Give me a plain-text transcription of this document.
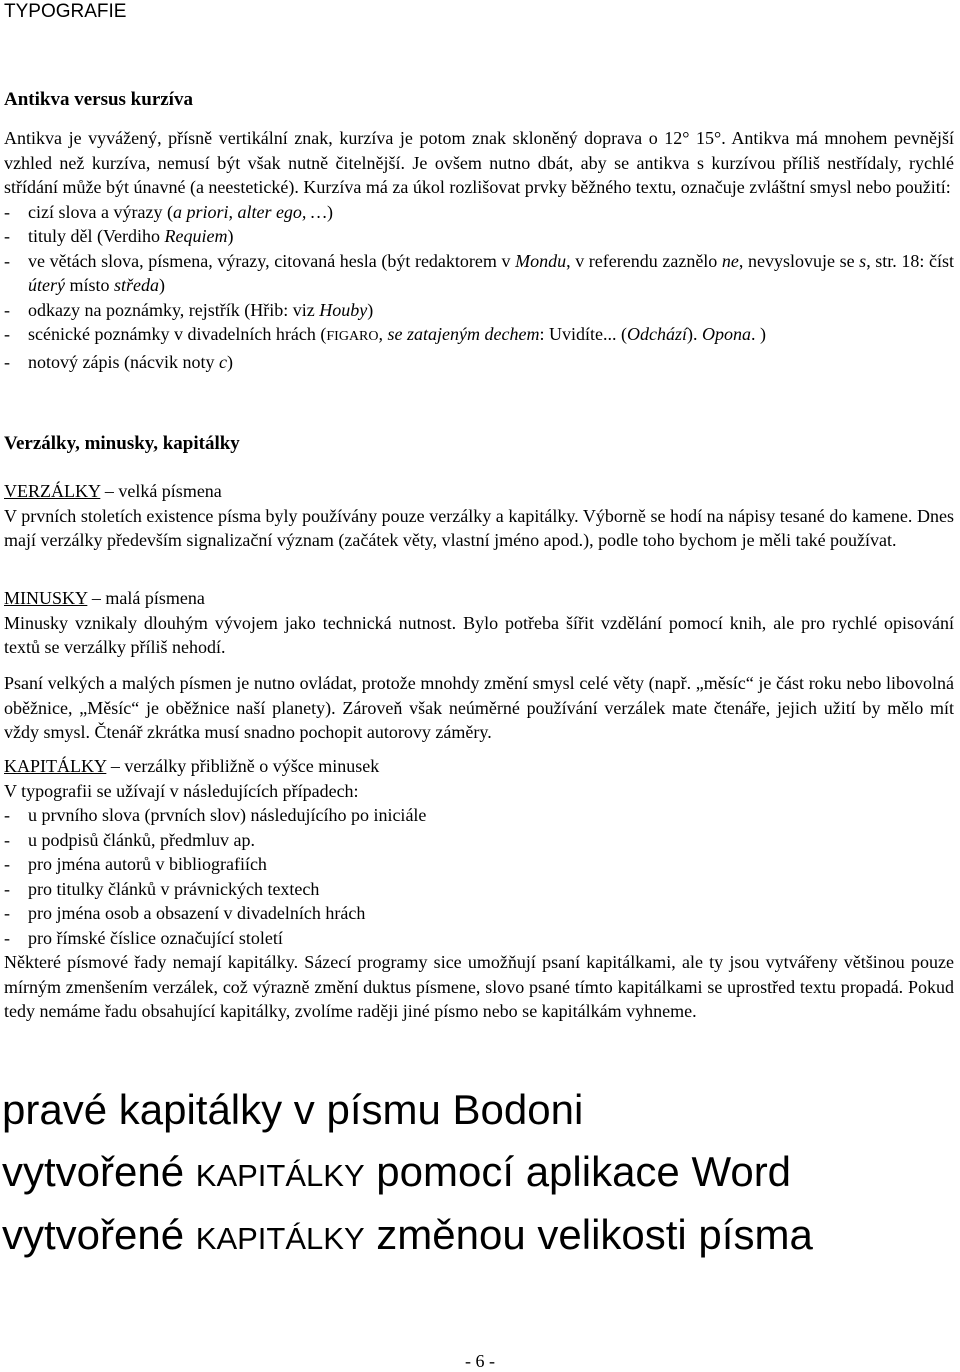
TYPOGRAFIE
Antikva versus kurzíva

Antikva je vyvážený, přísně vertikální znak, kurzíva je potom znak skloněný doprava o 12° 15°. Antikva má mnohem pevnější vzhled než kurzíva, nemusí být však nutně čitelnější. Je ovšem nutno dbát, aby se antikva s kurzívou příliš nestřídaly, rychlé střídání může být únavné (a neestetické). Kurzíva má za úkol rozlišovat prvky běžného textu, označuje zvláštní smysl nebo použití:

- cizí slova a výrazy (a priori, alter ego, …)

- tituly děl (Verdiho Requiem)

- ve větách slova, písmena, výrazy, citovaná hesla (být redaktorem v Mondu, v referendu zaznělo ne, nevyslovuje se s, str. 18: číst úterý místo středa)

- odkazy na poznámky, rejstřík (Hřib: viz Houby)

- scénické poznámky v divadelních hrách (FIGARO, se zatajeným dechem: Uvidíte... (Odchází). Opona. )

- notový zápis (nácvik noty c)

Verzálky, minusky, kapitálky

VERZÁLKY – velká písmena

V prvních stoletích existence písma byly používány pouze verzálky a kapitálky. Výborně se hodí na nápisy tesané do kamene. Dnes mají verzálky především signalizační význam (začátek věty, vlastní jméno apod.), podle toho bychom je měli také používat.

MINUSKY – malá písmena

Minusky vznikaly dlouhým vývojem jako technická nutnost. Bylo potřeba šířit vzdělání pomocí knih, ale pro rychlé opisování textů se verzálky příliš nehodí.

Psaní velkých a malých písmen je nutno ovládat, protože mnohdy změní smysl celé věty (např. „měsíc“ je část roku nebo libovolná oběžnice, „Měsíc“ je oběžnice naší planety). Zároveň však neúměrné používání verzálek mate čtenáře, jejich užití by mělo mít vždy smysl. Čtenář zkrátka musí snadno pochopit autorovy záměry.

KAPITÁLKY – verzálky přibližně o výšce minusek

V typografii se užívají v následujících případech:

- u prvního slova (prvních slov) následujícího po iniciále

- u podpisů článků, předmluv ap.

- pro jména autorů v bibliografiích

- pro titulky článků v právnických textech

- pro jména osob a obsazení v divadelních hrách

- pro římské číslice označující století

Některé písmové řady nemají kapitálky. Sázecí programy sice umožňují psaní kapitálkami, ale ty jsou vytvářeny většinou pouze mírným zmenšením verzálek, což výrazně změní duktus písmene, slovo psané tímto kapitálkami se uprostřed textu propadá. Pokud tedy nemáme řadu obsahující kapitálky, zvolíme raději jiné písmo nebo se kapitálkám vyhneme.

pravé kapitálky v písmu Bodoni
vytvořené KAPITÁLKY pomocí aplikace Word
vytvořené KAPITÁLKY změnou velikosti písma
- 6 -
